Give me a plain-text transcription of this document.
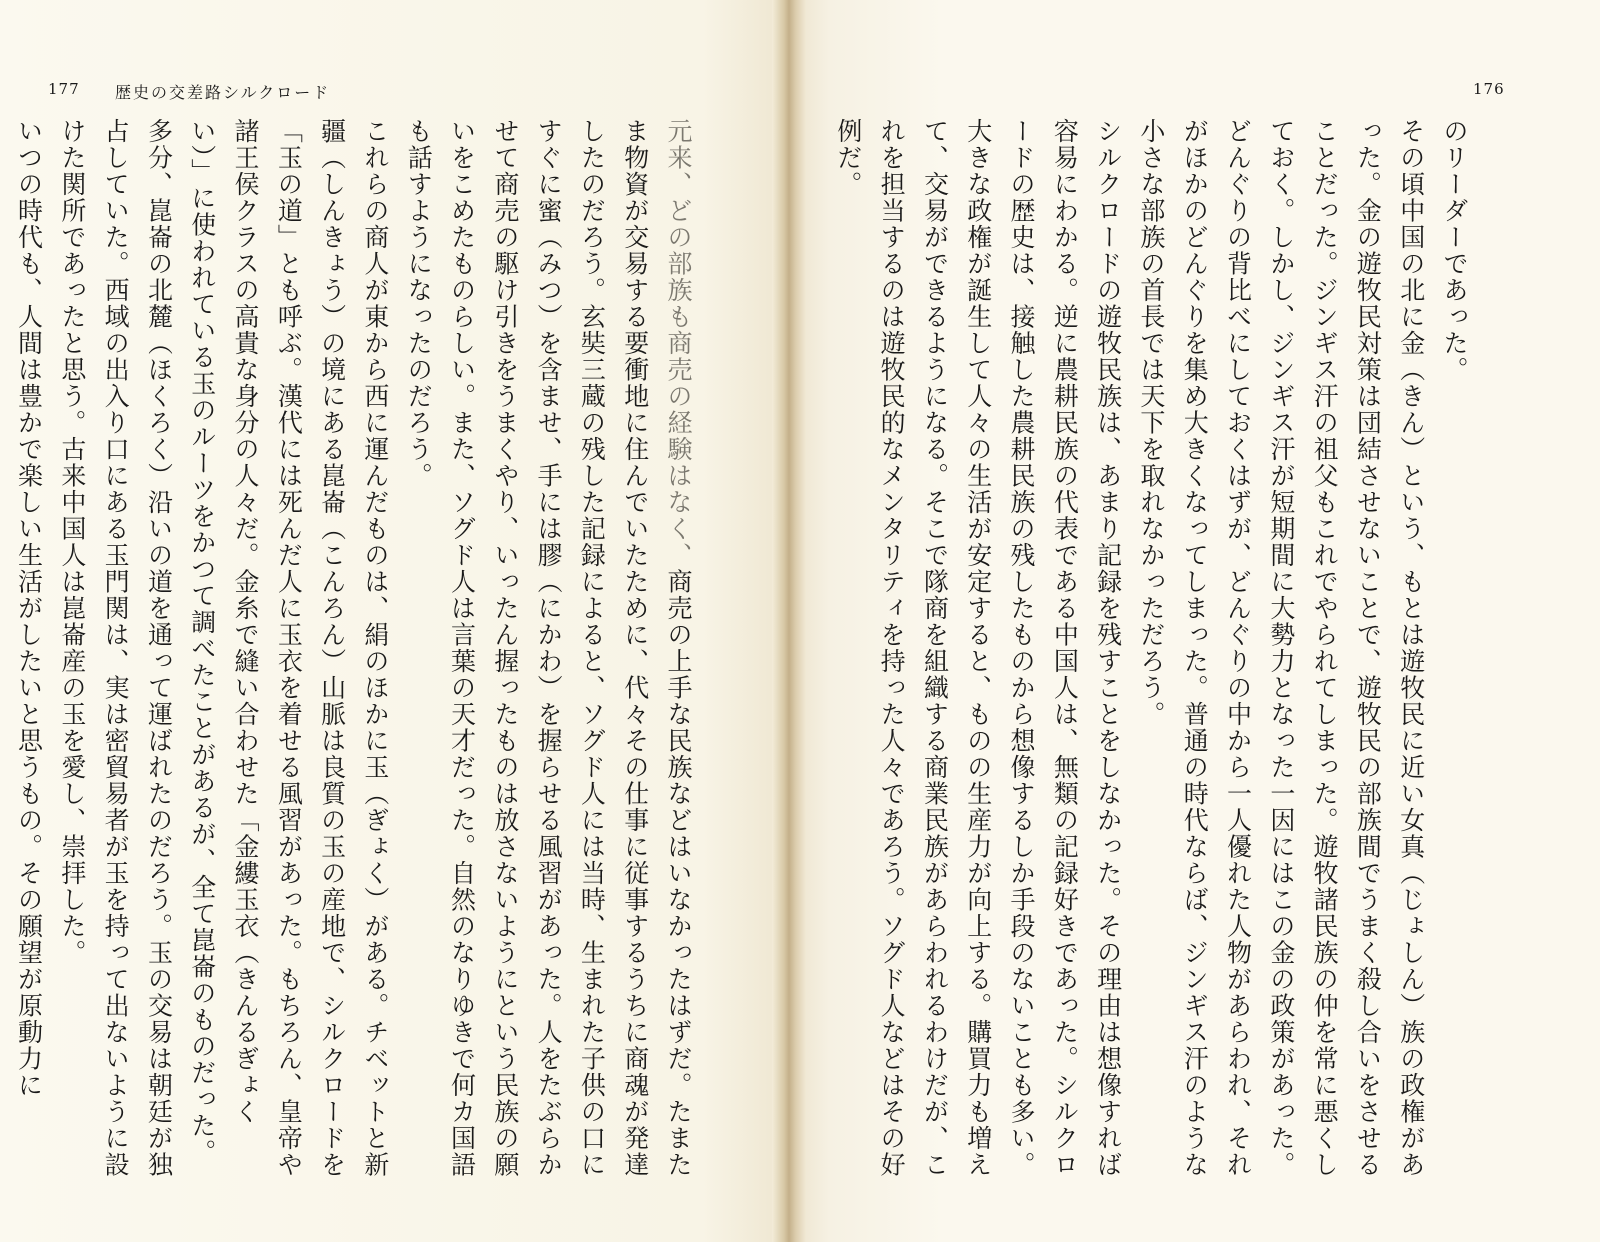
177 歴史の交差路シルクロード	176

のリーダーであった。

その頃中国の北に金（きん）という、もとは遊牧民に近い女真（じょしん）族の政権があった。金の遊牧民対策は団結させないことで、遊牧民の部族間でうまく殺し合いをさせることだった。ジンギス汗の祖父もこれでやられてしまった。遊牧諸民族の仲を常に悪くしておく。しかし、ジンギス汗が短期間に大勢力となった一因にはこの金の政策があった。どんぐりの背比べにしておくはずが、どんぐりの中から一人優れた人物があらわれ、それがほかのどんぐりを集め大きくなってしまった。普通の時代ならば、ジンギス汗のような小さな部族の首長では天下を取れなかっただろう。

シルクロードの遊牧民族は、あまり記録を残すことをしなかった。その理由は想像すれば容易にわかる。逆に農耕民族の代表である中国人は、無類の記録好きであった。シルクロードの歴史は、接触した農耕民族の残したものから想像するしか手段のないことも多い。

大きな政権が誕生して人々の生活が安定すると、ものの生産力が向上する。購買力も増えて、交易ができるようになる。そこで隊商を組織する商業民族があらわれるわけだが、これを担当するのは遊牧民的なメンタリティを持った人々であろう。ソグド人などはその好例だ。

元来、どの部族も商売の経験はなく、商売の上手な民族などはいなかったはずだ。たまたま物資が交易する要衝地に住んでいたために、代々その仕事に従事するうちに商魂が発達したのだろう。玄奘三蔵の残した記録によると、ソグド人には当時、生まれた子供の口にすぐに蜜（みつ）を含ませ、手には膠（にかわ）を握らせる風習があった。人をたぶらかせて商売の駆け引きをうまくやり、いったん握ったものは放さないようにという民族の願いをこめたものらしい。また、ソグド人は言葉の天才だった。自然のなりゆきで何カ国語も話すようになったのだろう。

これらの商人が東から西に運んだものは、絹のほかに玉（ぎょく）がある。チベットと新疆（しんきょう）の境にある崑崙（こんろん）山脈は良質の玉の産地で、シルクロードを「玉の道」とも呼ぶ。漢代には死んだ人に玉衣を着せる風習があった。もちろん、皇帝や諸王侯クラスの高貴な身分の人々だ。金糸で縫い合わせた「金縷玉衣（きんるぎょくい）」に使われている玉のルーツをかつて調べたことがあるが、全て崑崙のものだった。多分、崑崙の北麓（ほくろく）沿いの道を通って運ばれたのだろう。玉の交易は朝廷が独占していた。西域の出入り口にある玉門関は、実は密貿易者が玉を持って出ないように設けた関所であったと思う。古来中国人は崑崙産の玉を愛し、崇拝した。

いつの時代も、人間は豊かで楽しい生活がしたいと思うもの。その願望が原動力に
